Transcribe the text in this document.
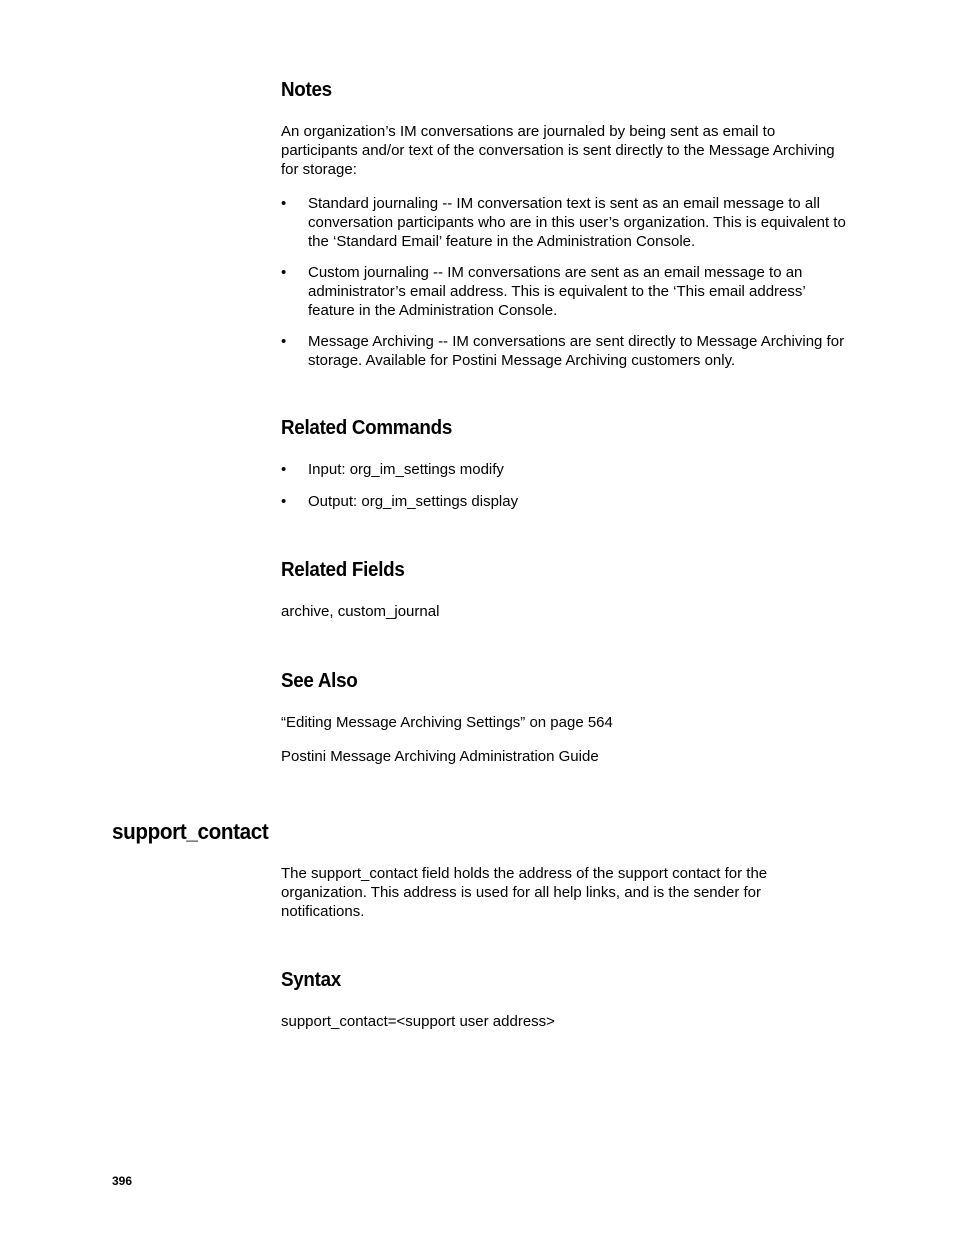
Notes

An organization’s IM conversations are journaled by being sent as email to participants and/or text of the conversation is sent directly to the Message Archiving for storage:

•	Standard journaling -- IM conversation text is sent as an email message to all conversation participants who are in this user’s organization. This is equivalent to the ‘Standard Email’ feature in the Administration Console.
•	Custom journaling -- IM conversations are sent as an email message to an administrator’s email address. This is equivalent to the ‘This email address’ feature in the Administration Console.
•	Message Archiving -- IM conversations are sent directly to Message Archiving for storage. Available for Postini Message Archiving customers only.
Related Commands
•	Input: org_im_settings modify
•	Output: org_im_settings display
Related Fields

archive, custom_journal

See Also

“Editing Message Archiving Settings” on page 564

Postini Message Archiving Administration Guide

support_contact

The support_contact field holds the address of the support contact for the organization. This address is used for all help links, and is the sender for notifications.

Syntax

support_contact=<support user address>

396
